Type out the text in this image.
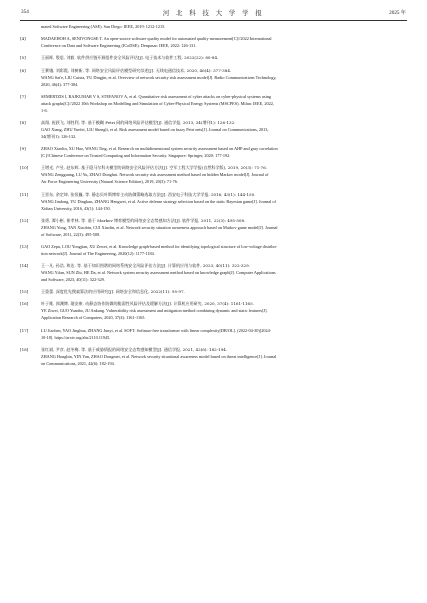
354	河 北 科 技 大 学 学 报	2025 年
mated Software Engineering (ASE). San Diego: IEEE, 2019: 1212-1215.
[4]	MADAEHOH A, SENIVONGSE T. An open-source software quality model for automated quality measurement[C]//2022 International
Conference on Data and Software Engineering (ICoDSE). Denpasar: IEEE, 2022: 126-131.
[5]	王丽晖, 殷思, 刘毅. 软件供应链开源组件安全风险评估[J]. 电子技术与软件工程, 2022(22): 80-84.
[6]	王赛娥, 刘彩霞, 刘树新, 等. 网络安全风险评估模型研究综述[J]. 无线电通信技术, 2020, 46(4): 377-384.
WANG Sai'e, LIU Caixia, YU Dingjin, et al. Overview of network security risk assessment model[J]. Radio Communications Technology,
2020, 46(4): 377-384.
[7]	SEMERTZIS I, RAJKUMAR V S, STEFANOV A, et al. Quantitative risk assessment of cyber attacks on cyber-physical systems using
attack graphs[C]//2022 10th Workshop on Modelling and Simulation of Cyber-Physical Energy Systems (MSCPES). Milan: IEEE, 2022,
1-6.
[8]	高翔, 祝跃飞, 刘胜利, 等. 基于模糊 Petri 网的网络风险评估模型[J]. 通信学报, 2013, 34(增刊1): 126-132.
GAO Xiang, ZHU Yuefei, LIU Shengli, et al. Risk assessment model based on fuzzy Petri nets[J]. Journal on Communications, 2013,
34(增刊1): 126-132.
[9]	ZHAO Xiaolin, XU Hao, WANG Ting, et al. Research on multidimensional system security assessment based on AHP and gray correlation
[C]//Chinese Conference on Trusted Computing and Information Security. Singapore: Springer, 2020: 177-192.
[10]	王增光, 卢昱, 赵东辉. 基于隐马尔科夫模型的网络安全风险评估方法[J]. 空军工程大学学报(自然科学版), 2019, 20(3): 71-76.
WANG Zengguang, LU Yu, ZHAO Donghui. Network security risk assessment method based on hidden Markov model[J]. Journal of
Air Force Engineering University (Natural Science Edition), 2019, 20(3): 71-76.
[11]	王晋东, 余定坤, 张恒巍, 等. 静态贝叶斯博弈主动防御策略选取方法[J]. 西安电子科技大学学报, 2016, 43(1): 144-150.
WANG Jindong, YU Dingkun, ZHANG Hengwei, et al. Active defense strategy selection based on the static Bayesian game[J]. Journal of
Xidian University, 2016, 43(1): 144-150.
[12]	张勇, 谭小彬, 崔孝林, 等. 基于 Markov 博弈模型的网络安全态势感知方法[J]. 软件学报, 2011, 22(3): 495-508.
ZHANG Yong, TAN Xiaobin, CUI Xiaolin, et al. Network security situation awareness approach based on Markov game model[J]. Journal
of Software, 2011, 22(3): 495-508.
[13]	GAO Zepu, LOU Yongjian, XU Zewei, et al. Knowledge graph-based method for identifying topological structure of low-voltage distribu-
tion network[J]. Journal of The Engineering, 2020(12): 1177-1184.
[14]	王一凡, 孙浩, 和达. 等. 基于知识图谱的网络系统安全风险评估方法[J]. 计算机应用与软件, 2023, 40(11): 322-329.
WANG Yifan, SUN Zhi, HE Da, et al. Network system security assessment method based on knowledge graph[J]. Computer Applications
and Software, 2023, 40(11): 322-329.
[15]	王重蕾. 深度优先搜索算法的应用研究[J]. 网络安全和信息化, 2022(11): 95-97.
[16]	叶子维, 郭渊博, 琚安康. 动静态协作防御的脆弱性风险评估及缓解方法[J]. 计算机应用研究, 2020, 37(4): 1161-1165.
YE Ziwei, GUO Yuanbo, JU Ankang. Vulnerability risk assessment and mitigation method combining dynamic and static features[J].
Application Research of Computers, 2020, 37(4): 1161-1165.
[17]	LU Jiachen, YAO Jinghua, ZHANG Junyi, et al. SOFT: Softmax-free transformer with linear complexity[DB/OL]. (2022-04-30)[2024-
10-18]. https://arxiv.org/abs/2110.11945.
[18]	张红斌, 尹彦, 赵冬梅, 等. 基于威胁情报的网络安全态势感知模型[J]. 通信学报, 2021, 42(6): 182-194.
ZHANG Hongbin, YIN Yan, ZHAO Dongmei, et al. Network security situational awareness model based on threat intelligence[J]. Journal
on Communications, 2021, 42(6): 182-194.
